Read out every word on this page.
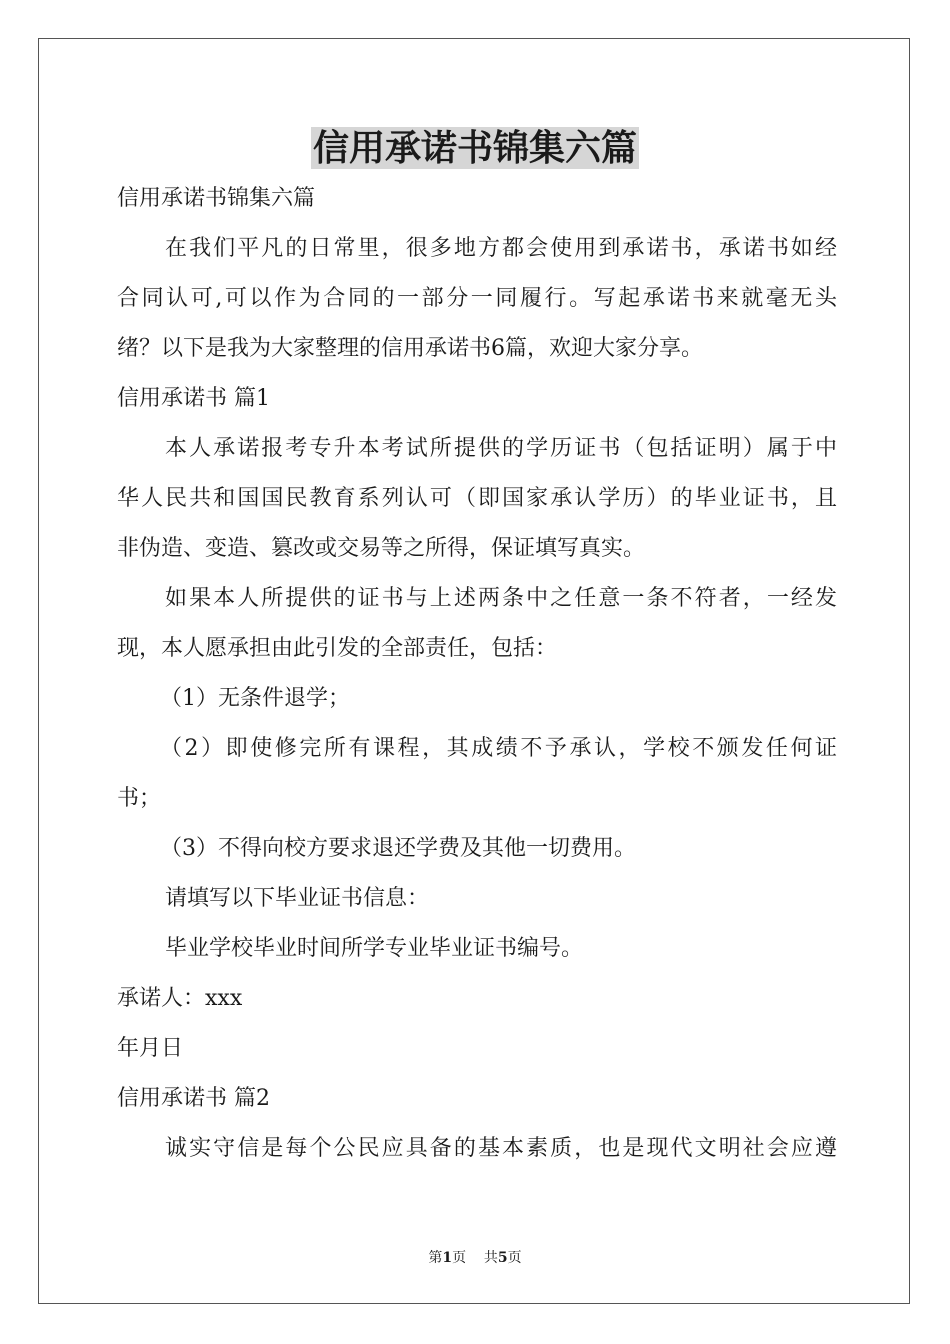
信用承诺书锦集六篇

信用承诺书锦集六篇

在我们平凡的日常里，很多地方都会使用到承诺书，承诺书如经

合同认可,可以作为合同的一部分一同履行。写起承诺书来就毫无头

绪？以下是我为大家整理的信用承诺书6篇，欢迎大家分享。

信用承诺书 篇1

本人承诺报考专升本考试所提供的学历证书（包括证明）属于中

华人民共和国国民教育系列认可（即国家承认学历）的毕业证书，且

非伪造、变造、篡改或交易等之所得，保证填写真实。

如果本人所提供的证书与上述两条中之任意一条不符者，一经发

现，本人愿承担由此引发的全部责任，包括：

（1）无条件退学；

（2）即使修完所有课程，其成绩不予承认，学校不颁发任何证

书；

（3）不得向校方要求退还学费及其他一切费用。

请填写以下毕业证书信息：

毕业学校毕业时间所学专业毕业证书编号。

承诺人：xxx

年月日

信用承诺书 篇2

诚实守信是每个公民应具备的基本素质，也是现代文明社会应遵

第1页    共5页
